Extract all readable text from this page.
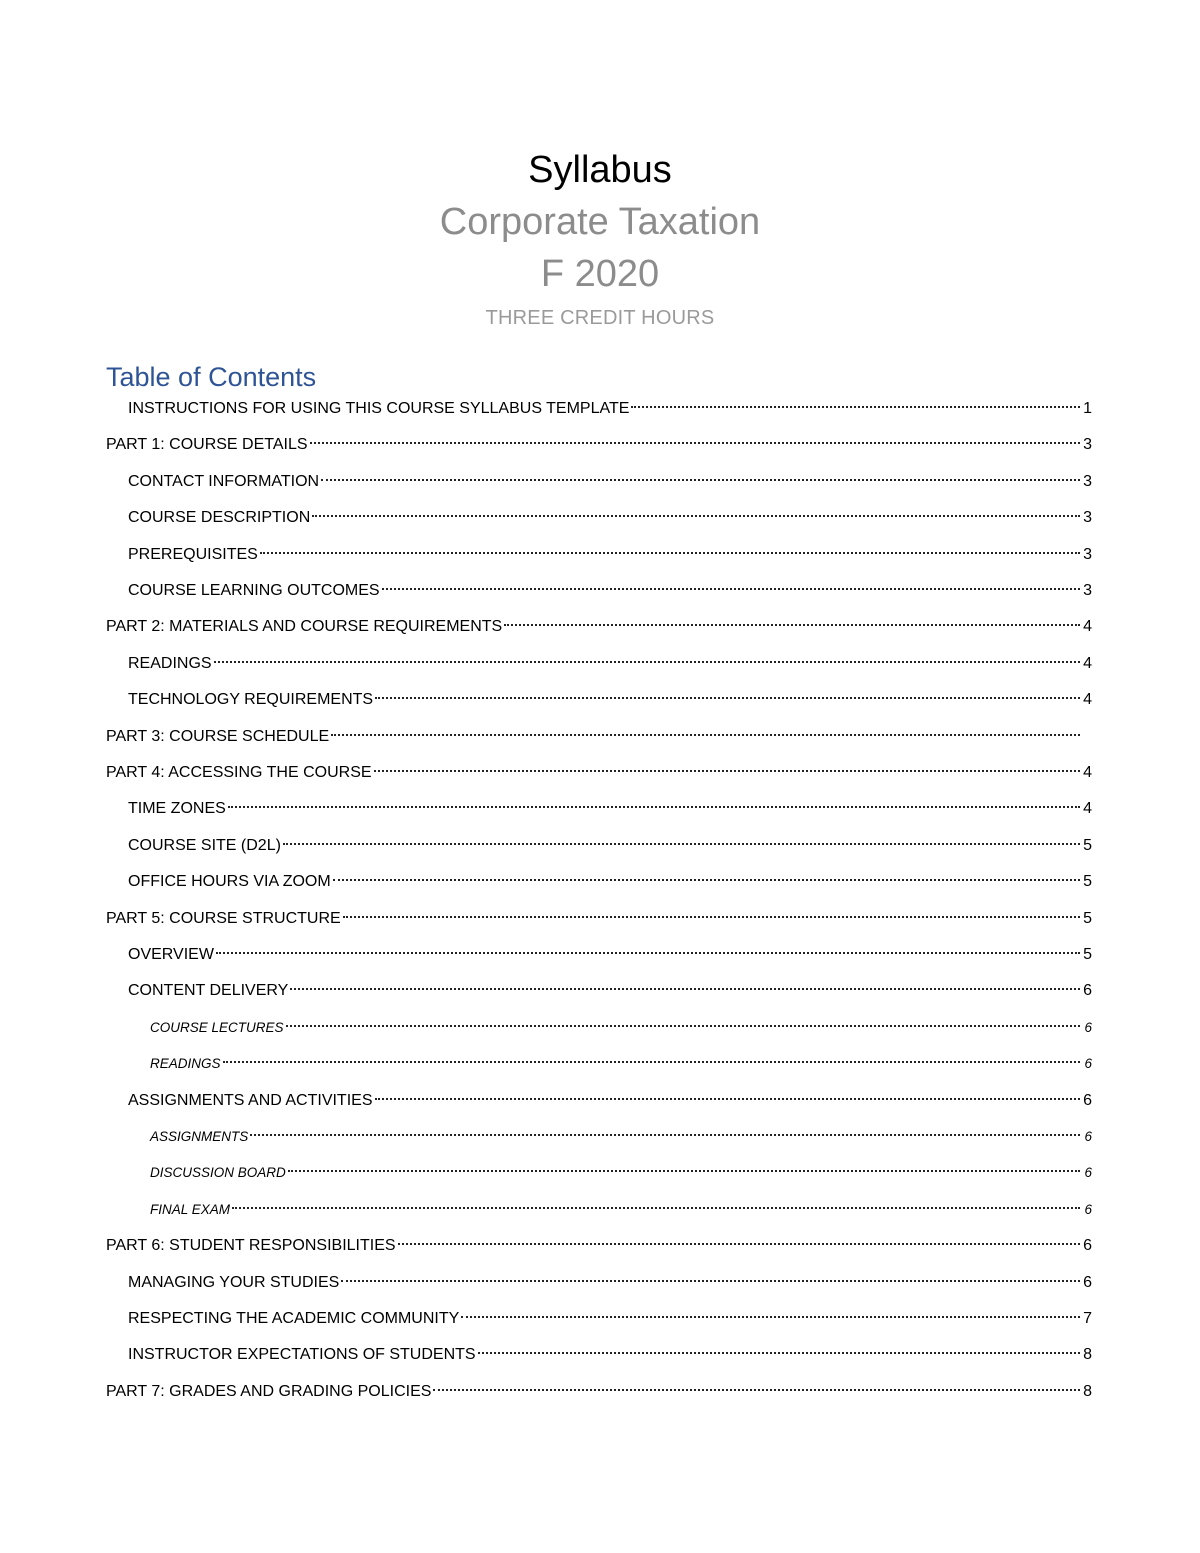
Syllabus
Corporate Taxation
F 2020
THREE CREDIT HOURS
Table of Contents
INSTRUCTIONS FOR USING THIS COURSE SYLLABUS TEMPLATE	1
PART 1: COURSE DETAILS	3
CONTACT INFORMATION	3
COURSE DESCRIPTION	3
PREREQUISITES	3
COURSE LEARNING OUTCOMES	3
PART 2: MATERIALS AND COURSE REQUIREMENTS	4
READINGS	4
TECHNOLOGY REQUIREMENTS	4
PART 3: COURSE SCHEDULE
PART 4: ACCESSING THE COURSE	4
TIME ZONES	4
COURSE SITE (D2L)	5
OFFICE HOURS VIA ZOOM	5
PART 5: COURSE STRUCTURE	5
OVERVIEW	5
CONTENT DELIVERY	6
COURSE LECTURES	6
READINGS	6
ASSIGNMENTS AND ACTIVITIES	6
ASSIGNMENTS	6
DISCUSSION BOARD	6
FINAL EXAM	6
PART 6: STUDENT RESPONSIBILITIES	6
MANAGING YOUR STUDIES	6
RESPECTING THE ACADEMIC COMMUNITY	7
INSTRUCTOR EXPECTATIONS OF STUDENTS	8
PART 7: GRADES AND GRADING POLICIES	8
